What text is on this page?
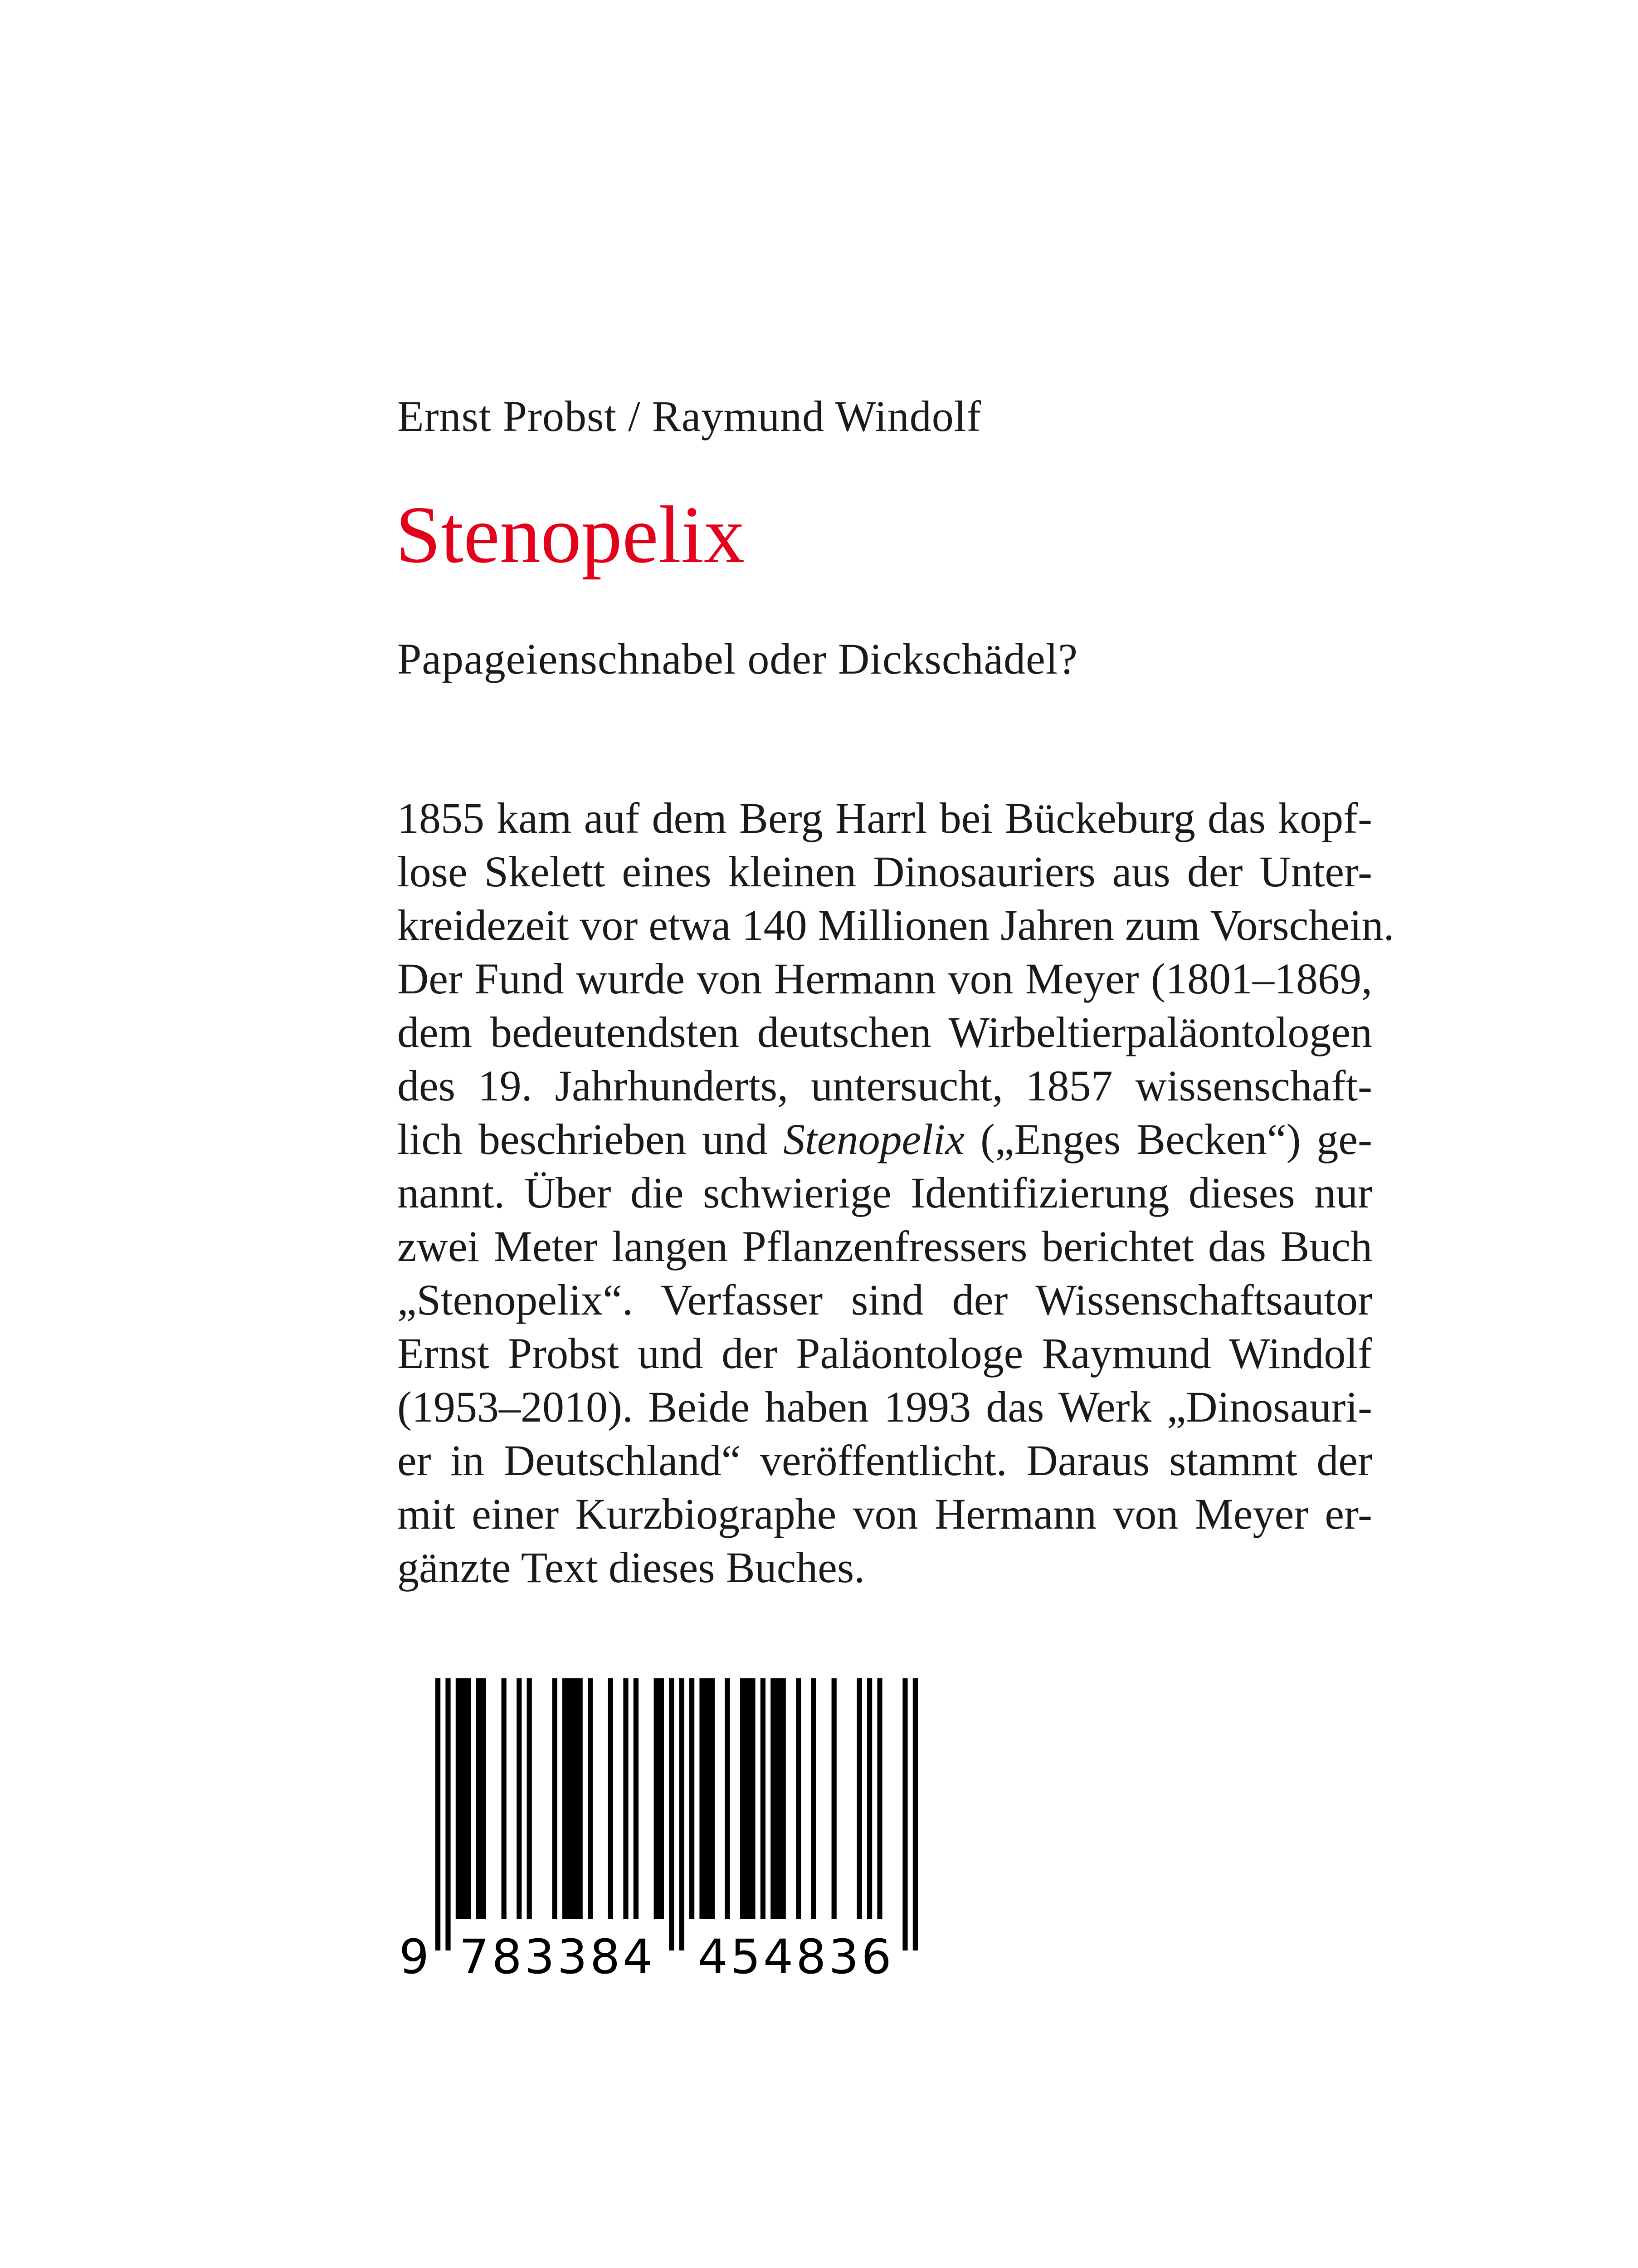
Ernst Probst / Raymund Windolf
Stenopelix
Papageienschnabel oder Dickschädel?
1855 kam auf dem Berg Harrl bei Bückeburg das kopf-
lose Skelett eines kleinen Dinosauriers aus der Unter-
kreidezeit vor etwa 140 Millionen Jahren zum Vorschein.
Der Fund wurde von Hermann von Meyer (1801–1869,
dem bedeutendsten deutschen Wirbeltierpaläontologen
des 19. Jahrhunderts, untersucht, 1857 wissenschaft-
lich beschrieben und Stenopelix („Enges Becken“) ge-
nannt. Über die schwierige Identifizierung dieses nur
zwei Meter langen Pflanzenfressers berichtet das Buch
„Stenopelix“. Verfasser sind der Wissenschaftsautor
Ernst Probst und der Paläontologe Raymund Windolf
(1953–2010). Beide haben 1993 das Werk „Dinosauri-
er in Deutschland“ veröffentlicht. Daraus stammt der
mit einer Kurzbiographe von Hermann von Meyer er-
gänzte Text dieses Buches.
9 783384 454836
